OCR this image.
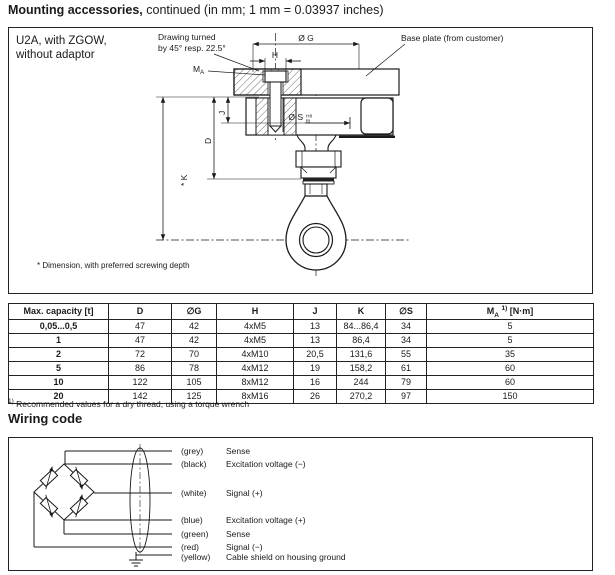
Mounting accessories, continued (in mm; 1 mm = 0.03937 inches)
U2A, with ZGOW,
without adaptor
Drawing turned
by 45° resp. 22.5°
Base plate (from customer)
Ø G
H
$M_A$
J
D
* K
Ø S H8
f8
* Dimension, with preferred screwing depth
Max. capacity [t]	D	∅G	H	J	K	∅S	$M_A$ $^{1)}$ [N·m]
0,05...0,5	47	42	4xM5	13	84...86,4	34	5
1	47	42	4xM5	13	86,4	34	5
2	72	70	4xM10	20,5	131,6	55	35
5	86	78	4xM12	19	158,2	61	60
10	122	105	8xM12	16	244	79	60
20	142	125	8xM16	26	270,2	97	150
$^{1)}$ Recommended values for a dry thread, using a torque wrench
Wiring code
(grey)	Sense
(black) Excitation voltage (−)
(white) Signal (+)
(blue)	Excitation voltage (+)
(green) Sense
(red)	Signal (−)
(yellow) Cable shield on housing ground
